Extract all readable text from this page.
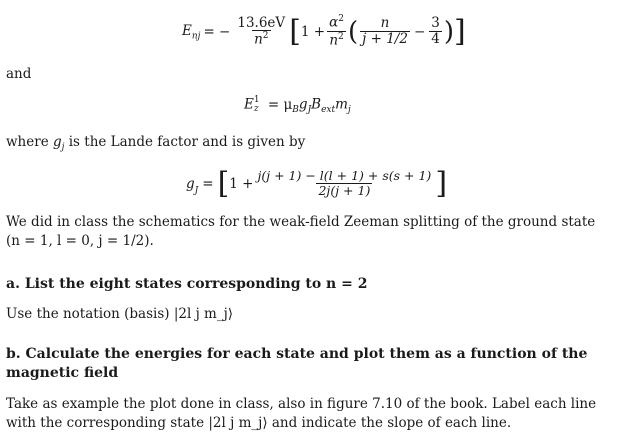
$E_{nj}$ = − $\frac{13.6eV}{n^2}$ [ $1 + \frac{\alpha^2}{n^2}$ ( $\frac{n}{j + 1/2} - \frac{3}{4}$ ) ]
and
E 1
$z = \mu_Bg_JB_{ext}m_j$
where $g_j$ is the Lande factor and is given by
$g_J$ = [ $1 + \frac{j(j + 1) - l(l + 1) + s(s + 1)}{2j(j + 1)}$ ]
We did in class the schematics for the weak-field Zeeman splitting of the ground state (n = 1, l = 0, j = 1/2).
a. List the eight states corresponding to n = 2
Use the notation (basis) |2l j m_j⟩
b. Calculate the energies for each state and plot them as a function of the magnetic field
Take as example the plot done in class, also in figure 7.10 of the book. Label each line with the corresponding state |2l j m_j⟩ and indicate the slope of each line.
